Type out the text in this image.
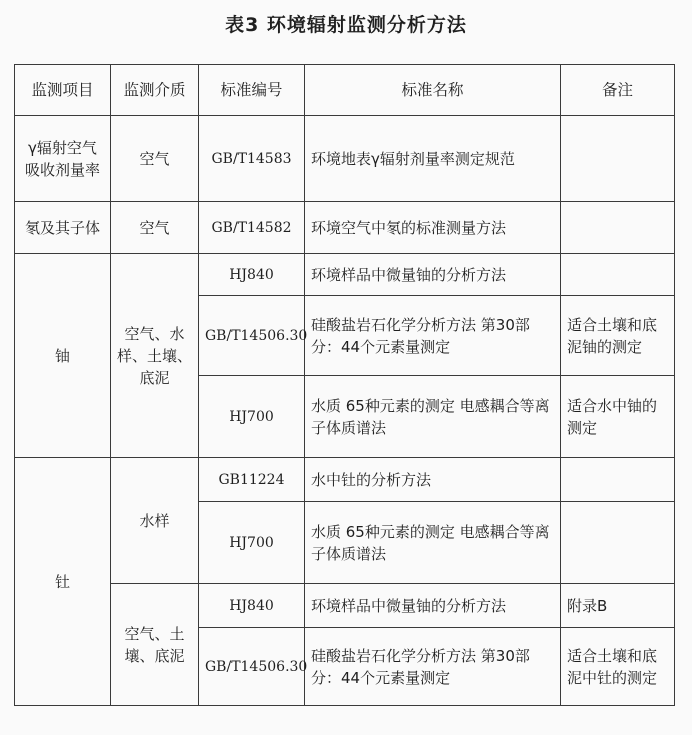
表3 环境辐射监测分析方法
监测项目	监测介质	标准编号	标准名称	备注
γ辐射空气吸收剂量率	空气	GB/T14583	环境地表γ辐射剂量率测定规范	
氡及其子体	空气	GB/T14582	环境空气中氡的标准测量方法	
铀	空气、水样、土壤、底泥	HJ840	环境样品中微量铀的分析方法	
		GB/T14506.30	硅酸盐岩石化学分析方法 第30部分：44个元素量测定	适合土壤和底泥铀的测定
		HJ700	水质 65种元素的测定 电感耦合等离子体质谱法	适合水中铀的测定
钍	水样	GB11224	水中钍的分析方法	
		HJ700	水质 65种元素的测定 电感耦合等离子体质谱法	
	空气、土壤、底泥	HJ840	环境样品中微量铀的分析方法	附录B
		GB/T14506.30	硅酸盐岩石化学分析方法 第30部分：44个元素量测定	适合土壤和底泥中钍的测定
